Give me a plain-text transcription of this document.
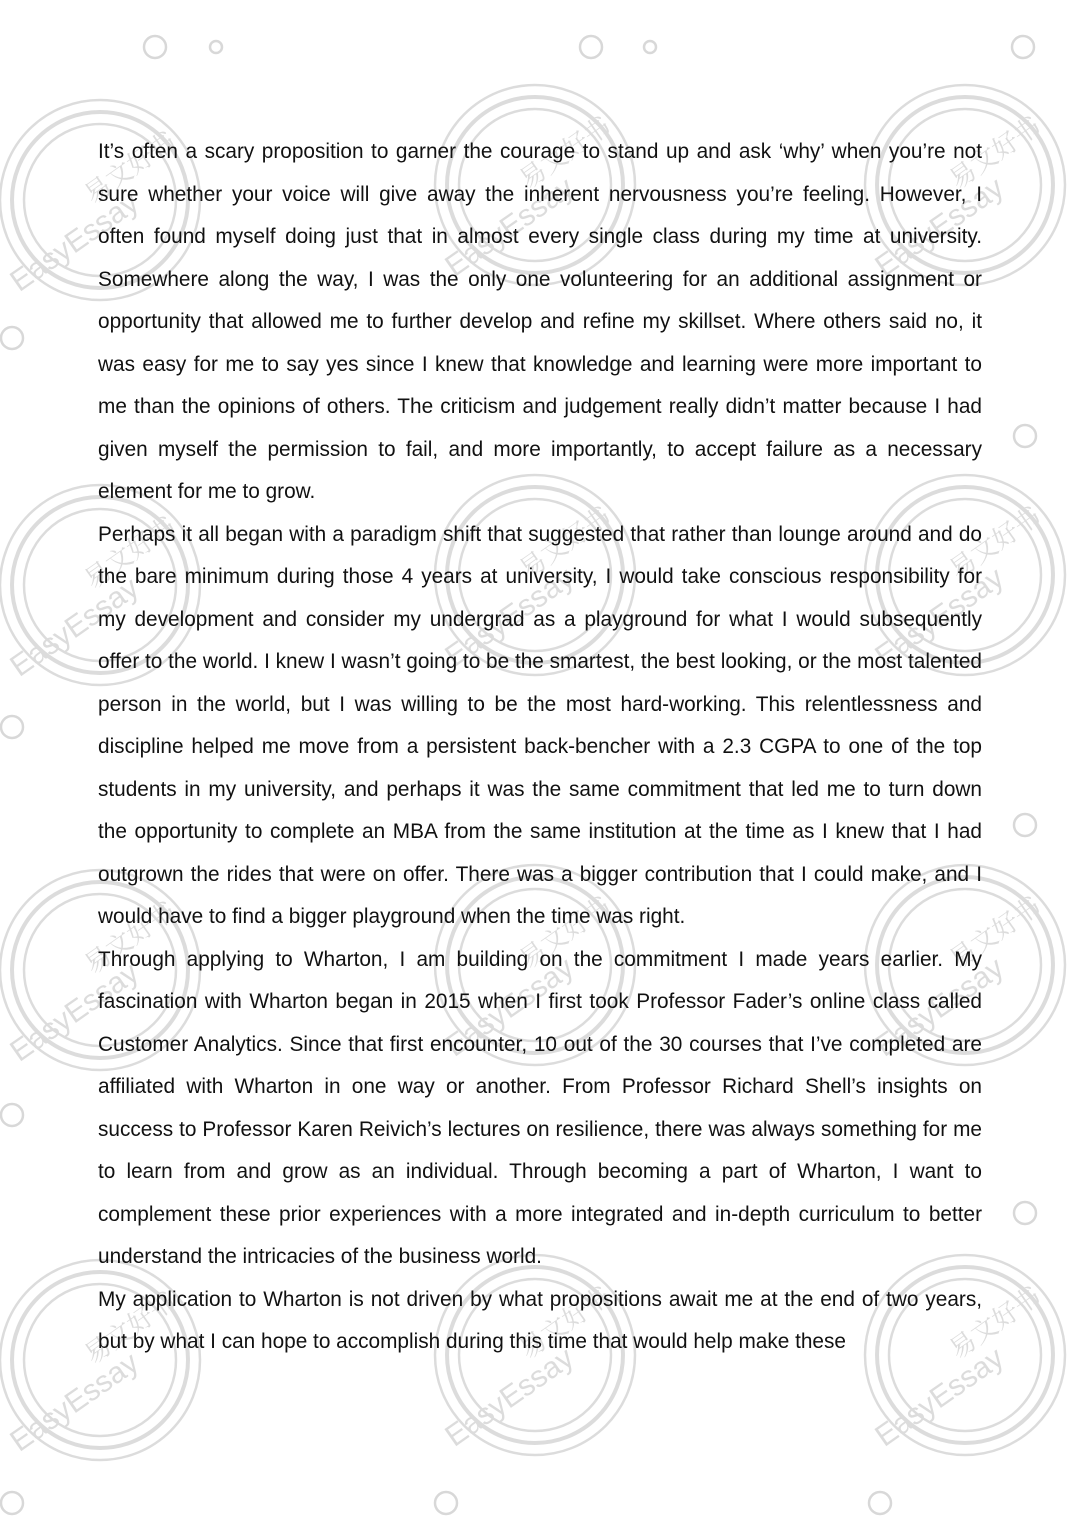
EasyEssay
易文好书
EasyEssay
易文好书
EasyEssay
易文好书
EasyEssay
易文好书
EasyEssay
易文好书
EasyEssay
易文好书
EasyEssay
易文好书
EasyEssay
易文好书
EasyEssay
易文好书
EasyEssay
易文好书
EasyEssay
易文好书
EasyEssay
易文好书

It’s often a scary proposition to garner the courage to stand up and ask ‘why’ when you’re not sure whether your voice will give away the inherent nervousness you’re feeling. However, I often found myself doing just that in almost every single class during my time at university. Somewhere along the way, I was the only one volunteering for an additional assignment or opportunity that allowed me to further develop and refine my skillset. Where others said no, it was easy for me to say yes since I knew that knowledge and learning were more important to me than the opinions of others. The criticism and judgement really didn’t matter because I had given myself the permission to fail, and more importantly, to accept failure as a necessary element for me to grow.

Perhaps it all began with a paradigm shift that suggested that rather than lounge around and do the bare minimum during those 4 years at university, I would take conscious responsibility for my development and consider my undergrad as a playground for what I would subsequently offer to the world. I knew I wasn’t going to be the smartest, the best looking, or the most talented person in the world, but I was willing to be the most hard-working. This relentlessness and discipline helped me move from a persistent back-bencher with a 2.3 CGPA to one of the top students in my university, and perhaps it was the same commitment that led me to turn down the opportunity to complete an MBA from the same institution at the time as I knew that I had outgrown the rides that were on offer. There was a bigger contribution that I could make, and I would have to find a bigger playground when the time was right.

Through applying to Wharton, I am building on the commitment I made years earlier. My fascination with Wharton began in 2015 when I first took Professor Fader’s online class called Customer Analytics. Since that first encounter, 10 out of the 30 courses that I’ve completed are affiliated with Wharton in one way or another. From Professor Richard Shell’s insights on success to Professor Karen Reivich’s lectures on resilience, there was always something for me to learn from and grow as an individual. Through becoming a part of Wharton, I want to complement these prior experiences with a more integrated and in-depth curriculum to better understand the intricacies of the business world.

My application to Wharton is not driven by what propositions await me at the end of two years, but by what I can hope to accomplish during this time that would help make these
